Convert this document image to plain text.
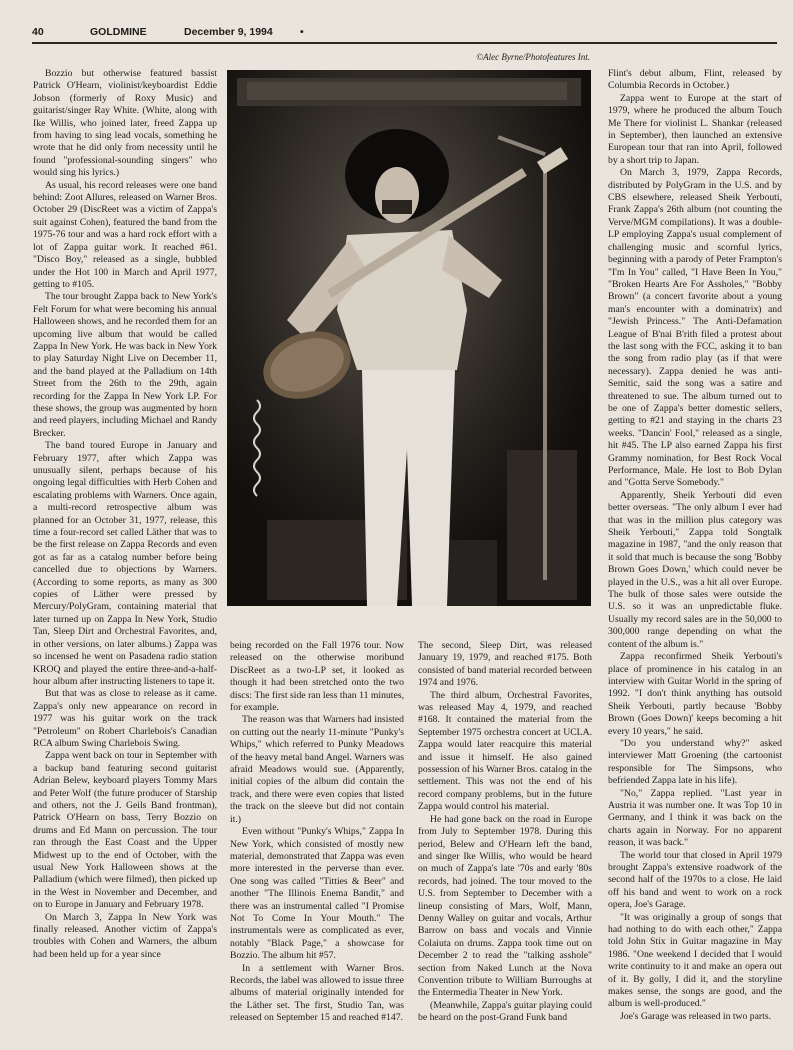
40	GOLDMINE	December 9, 1994	•
©Alec Byrne/Photofeatures Int.

Bozzio but otherwise featured bassist Patrick O'Hearn, violinist/keyboardist Eddie Jobson (formerly of Roxy Music) and guitarist/singer Ray White. (White, along with Ike Willis, who joined later, freed Zappa up from having to sing lead vocals, something he wrote that he did only from necessity until he found "professional-sounding singers" who would sing his lyrics.)

As usual, his record releases were one band behind: Zoot Allures, released on Warner Bros. October 29 (DiscReet was a victim of Zappa's suit against Cohen), featured the band from the 1975-76 tour and was a hard rock effort with a lot of Zappa guitar work. It reached #61. "Disco Boy," released as a single, bubbled under the Hot 100 in March and April 1977, getting to #105.

The tour brought Zappa back to New York's Felt Forum for what were becoming his annual Halloween shows, and he recorded them for an upcoming live album that would be called Zappa In New York. He was back in New York to play Saturday Night Live on December 11, and the band played at the Palladium on 14th Street from the 26th to the 29th, again recording for the Zappa In New York LP. For these shows, the group was augmented by horn and reed players, including Michael and Randy Brecker.

The band toured Europe in January and February 1977, after which Zappa was unusually silent, perhaps because of his ongoing legal difficulties with Herb Cohen and escalating problems with Warners. Once again, a multi-record retrospective album was planned for an October 31, 1977, release, this time a four-record set called Läther that was to be the first release on Zappa Records and even got as far as a catalog number before being cancelled due to objections by Warners. (According to some reports, as many as 300 copies of Läther were pressed by Mercury/PolyGram, containing material that later turned up on Zappa In New York, Studio Tan, Sleep Dirt and Orchestral Favorites, and, in other versions, on later albums.) Zappa was so incensed he went on Pasadena radio station KROQ and played the entire three-and-a-half-hour album after instructing listeners to tape it.

But that was as close to release as it came. Zappa's only new appearance on record in 1977 was his guitar work on the track "Petroleum" on Robert Charlebois's Canadian RCA album Swing Charlebois Swing.

Zappa went back on tour in September with a backup band featuring second guitarist Adrian Belew, keyboard players Tommy Mars and Peter Wolf (the future producer of Starship and others, not the J. Geils Band frontman), Patrick O'Hearn on bass, Terry Bozzio on drums and Ed Mann on percussion. The tour ran through the East Coast and the Upper Midwest up to the end of October, with the usual New York Halloween shows at the Palladium (which were filmed), then picked up in the West in November and December, and on to Europe in January and February 1978.

On March 3, Zappa In New York was finally released. Another victim of Zappa's troubles with Cohen and Warners, the album had been held up for a year since

being recorded on the Fall 1976 tour. Now released on the otherwise moribund DiscReet as a two-LP set, it looked as though it had been stretched onto the two discs: The first side ran less than 11 minutes, for example.

The reason was that Warners had insisted on cutting out the nearly 11-minute "Punky's Whips," which referred to Punky Meadows of the heavy metal band Angel. Warners was afraid Meadows would sue. (Apparently, initial copies of the album did contain the track, and there were even copies that listed the track on the sleeve but did not contain it.)

Even without "Punky's Whips," Zappa In New York, which consisted of mostly new material, demonstrated that Zappa was even more interested in the perverse than ever. One song was called "Titties & Beer" and another "The Illinois Enema Bandit," and there was an instrumental called "I Promise Not To Come In Your Mouth." The instrumentals were as complicated as ever, notably "Black Page," a showcase for Bozzio. The album hit #57.

In a settlement with Warner Bros. Records, the label was allowed to issue three albums of material originally intended for the Läther set. The first, Studio Tan, was released on September 15 and reached #147.

The second, Sleep Dirt, was released January 19, 1979, and reached #175. Both consisted of band material recorded between 1974 and 1976.

The third album, Orchestral Favorites, was released May 4, 1979, and reached #168. It contained the material from the September 1975 orchestra concert at UCLA. Zappa would later reacquire this material and issue it himself. He also gained possession of his Warner Bros. catalog in the settlement. This was not the end of his record company problems, but in the future Zappa would control his material.

He had gone back on the road in Europe from July to September 1978. During this period, Belew and O'Hearn left the band, and singer Ike Willis, who would be heard on much of Zappa's late '70s and early '80s records, had joined. The tour moved to the U.S. from September to December with a lineup consisting of Mars, Wolf, Mann, Denny Walley on guitar and vocals, Arthur Barrow on bass and vocals and Vinnie Colaiuta on drums. Zappa took time out on December 2 to read the "talking asshole" section from Naked Lunch at the Nova Convention tribute to William Burroughs at the Entermedia Theater in New York.

(Meanwhile, Zappa's guitar playing could be heard on the post-Grand Funk band

Flint's debut album, Flint, released by Columbia Records in October.)

Zappa went to Europe at the start of 1979, where he produced the album Touch Me There for violinist L. Shankar (released in September), then launched an extensive European tour that ran into April, followed by a short trip to Japan.

On March 3, 1979, Zappa Records, distributed by PolyGram in the U.S. and by CBS elsewhere, released Sheik Yerbouti, Frank Zappa's 26th album (not counting the Verve/MGM compilations). It was a double-LP employing Zappa's usual complement of challenging music and scornful lyrics, beginning with a parody of Peter Frampton's "I'm In You" called, "I Have Been In You," "Broken Hearts Are For Assholes," "Bobby Brown" (a concert favorite about a young man's encounter with a dominatrix) and "Jewish Princess." The Anti-Defamation League of B'nai B'rith filed a protest about the last song with the FCC, asking it to ban the song from radio play (as if that were necessary). Zappa denied he was anti-Semitic, said the song was a satire and threatened to sue. The album turned out to be one of Zappa's better domestic sellers, getting to #21 and staying in the charts 23 weeks. "Dancin' Fool," released as a single, hit #45. The LP also earned Zappa his first Grammy nomination, for Best Rock Vocal Performance, Male. He lost to Bob Dylan and "Gotta Serve Somebody."

Apparently, Sheik Yerbouti did even better overseas. "The only album I ever had that was in the million plus category was Sheik Yerbouti," Zappa told Songtalk magazine in 1987, "and the only reason that it sold that much is because the song 'Bobby Brown Goes Down,' which could never be played in the U.S., was a hit all over Europe. The bulk of those sales were outside the U.S. so it was an unpredictable fluke. Usually my record sales are in the 50,000 to 300,000 range depending on what the content of the album is."

Zappa reconfirmed Sheik Yerbouti's place of prominence in his catalog in an interview with Guitar World in the spring of 1992. "I don't think anything has outsold Sheik Yerbouti, partly because 'Bobby Brown (Goes Down)' keeps becoming a hit every 10 years," he said.

"Do you understand why?" asked interviewer Matt Groening (the cartoonist responsible for The Simpsons, who befriended Zappa late in his life).

"No," Zappa replied. "Last year in Austria it was number one. It was Top 10 in Germany, and I think it was back on the charts again in Norway. For no apparent reason, it was back."

The world tour that closed in April 1979 brought Zappa's extensive roadwork of the second half of the 1970s to a close. He laid off his band and went to work on a rock opera, Joe's Garage.

"It was originally a group of songs that had nothing to do with each other," Zappa told John Stix in Guitar magazine in May 1986. "One weekend I decided that I would write continuity to it and make an opera out of it. By golly, I did it, and the storyline makes sense, the songs are good, and the album is well-produced."

Joe's Garage was released in two parts.
